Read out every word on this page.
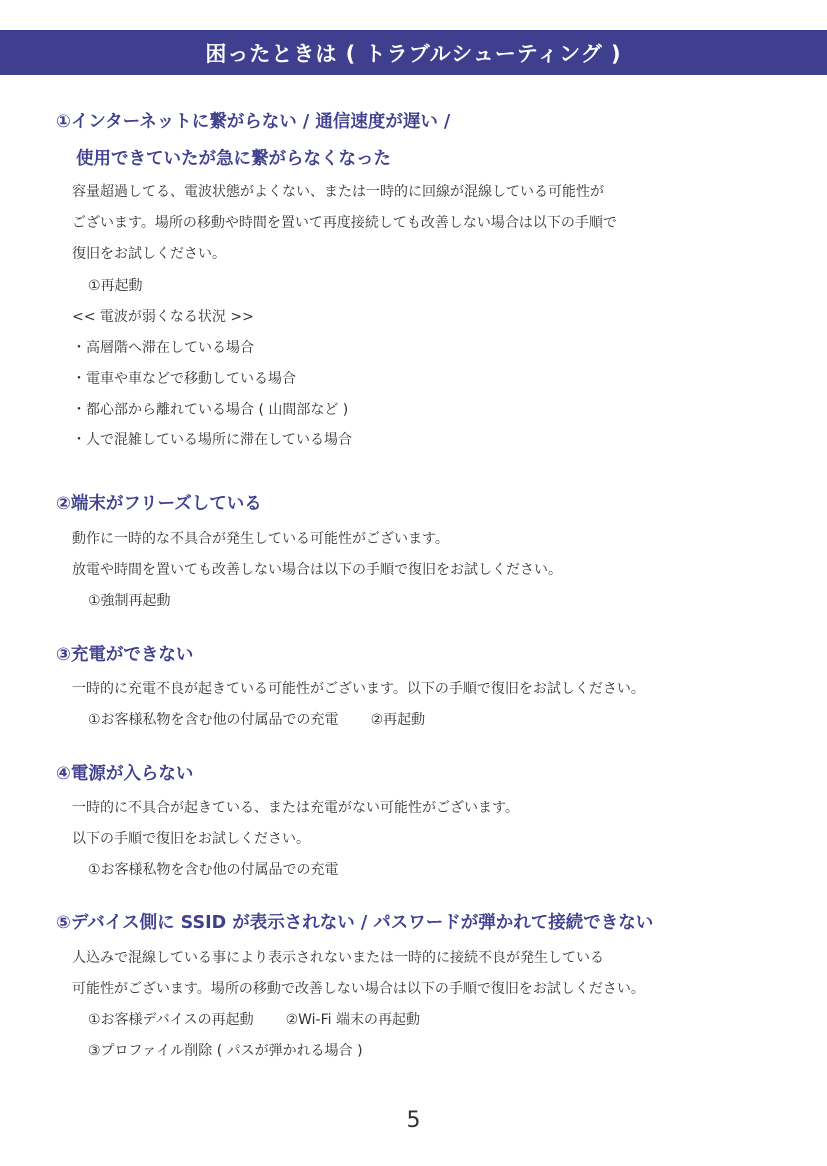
困ったときは ( トラブルシューティング )
①インターネットに繋がらない / 通信速度が遅い /
使用できていたが急に繋がらなくなった
容量超過してる、電波状態がよくない、または一時的に回線が混線している可能性が
ございます。場所の移動や時間を置いて再度接続しても改善しない場合は以下の手順で
復旧をお試しください。
①再起動
<< 電波が弱くなる状況 >>
・高層階へ滞在している場合
・電車や車などで移動している場合
・都心部から離れている場合 ( 山間部など )
・人で混雑している場所に滞在している場合
②端末がフリーズしている
動作に一時的な不具合が発生している可能性がございます。
放電や時間を置いても改善しない場合は以下の手順で復旧をお試しください。
①強制再起動
③充電ができない
一時的に充電不良が起きている可能性がございます。以下の手順で復旧をお試しください。
①お客様私物を含む他の付属品での充電 ②再起動
④電源が入らない
一時的に不具合が起きている、または充電がない可能性がございます。
以下の手順で復旧をお試しください。
①お客様私物を含む他の付属品での充電
⑤デバイス側に SSID が表示されない / パスワードが弾かれて接続できない
人込みで混線している事により表示されないまたは一時的に接続不良が発生している
可能性がございます。場所の移動で改善しない場合は以下の手順で復旧をお試しください。
①お客様デバイスの再起動 ②Wi-Fi 端末の再起動
③プロファイル削除 ( パスが弾かれる場合 )
5
